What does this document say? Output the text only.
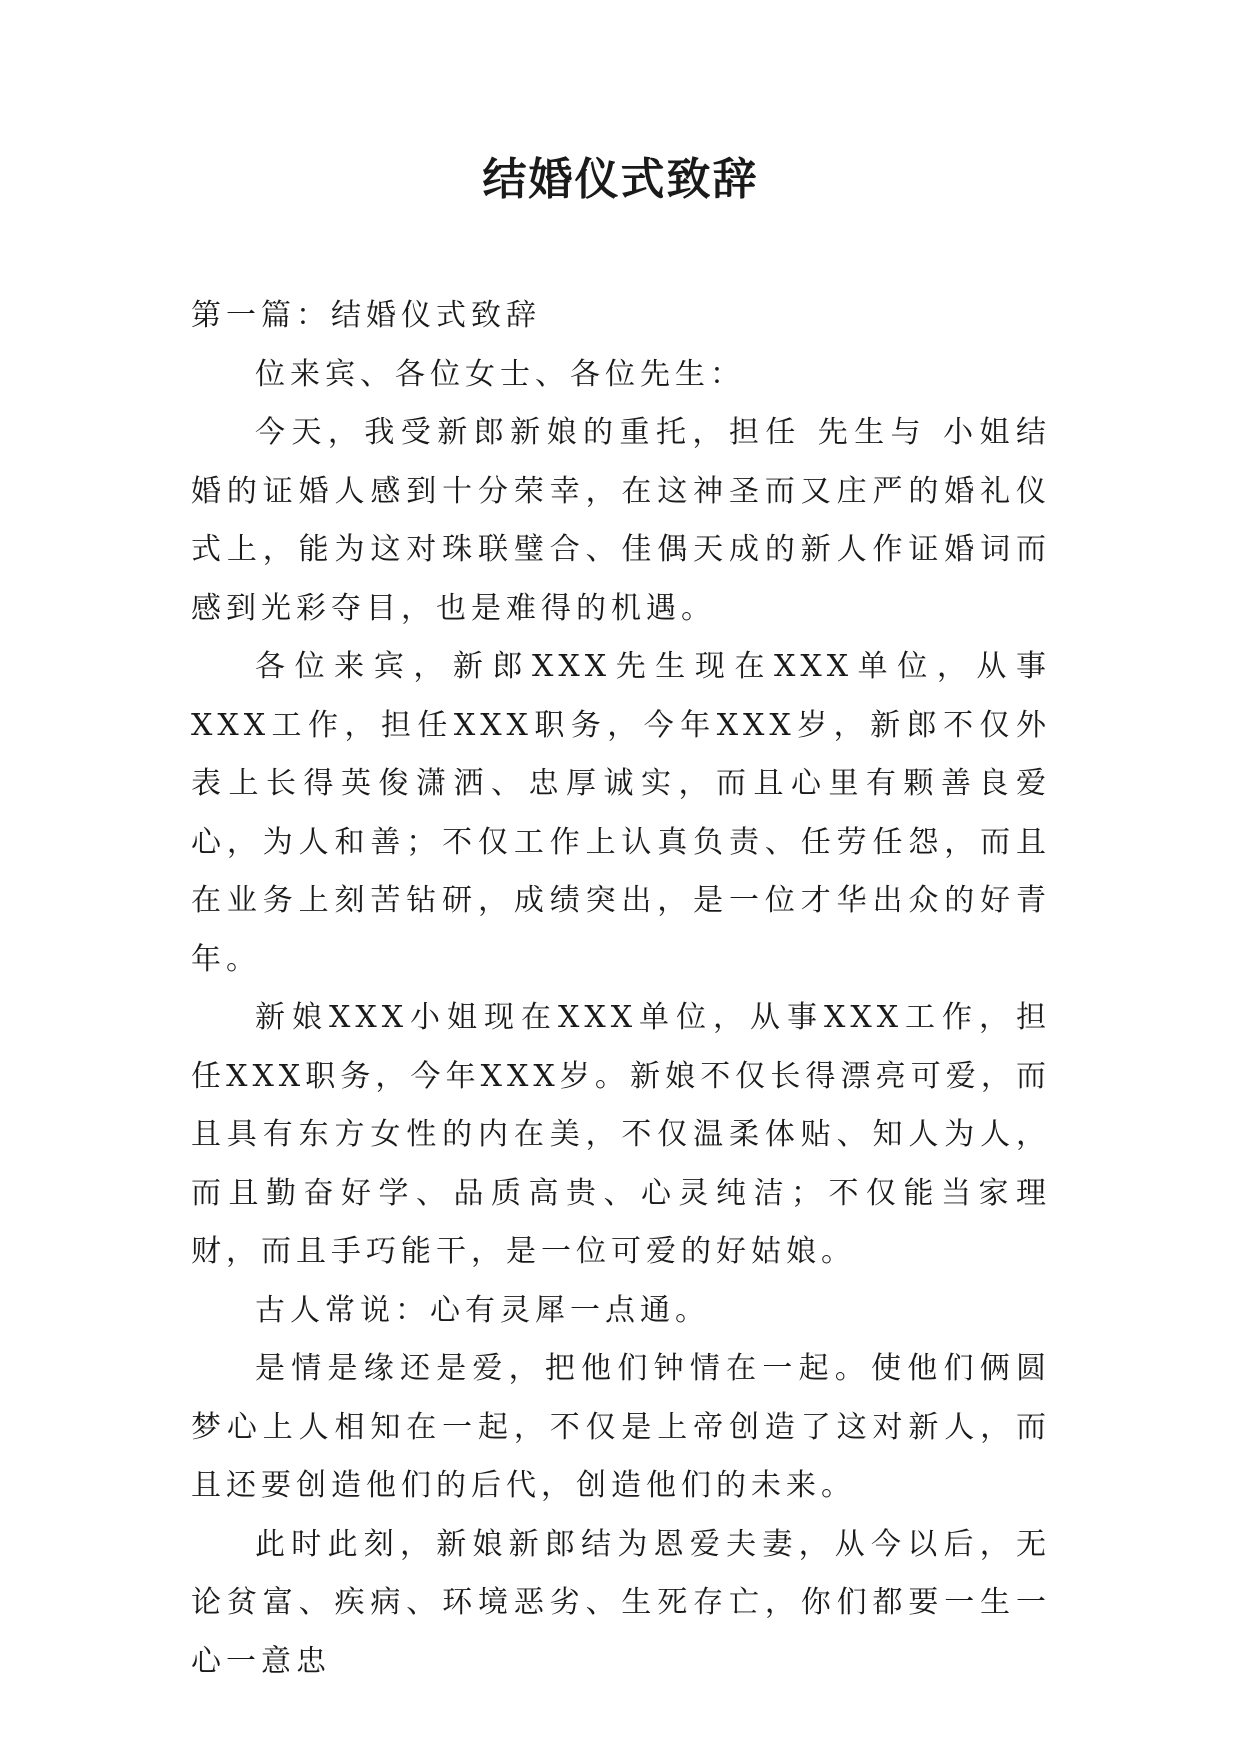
结婚仪式致辞

第一篇：结婚仪式致辞

位来宾、各位女士、各位先生：

今天，我受新郎新娘的重托，担任 先生与 小姐结婚的证婚人感到十分荣幸，在这神圣而又庄严的婚礼仪式上，能为这对珠联璧合、佳偶天成的新人作证婚词而感到光彩夺目，也是难得的机遇。

各位来宾，新郎XXX先生现在XXX单位，从事XXX工作，担任XXX职务，今年XXX岁，新郎不仅外表上长得英俊潇洒、忠厚诚实，而且心里有颗善良爱心，为人和善；不仅工作上认真负责、任劳任怨，而且在业务上刻苦钻研，成绩突出，是一位才华出众的好青年。

新娘XXX小姐现在XXX单位，从事XXX工作，担任XXX职务，今年XXX岁。新娘不仅长得漂亮可爱，而且具有东方女性的内在美，不仅温柔体贴、知人为人，而且勤奋好学、品质高贵、心灵纯洁；不仅能当家理财，而且手巧能干，是一位可爱的好姑娘。

古人常说：心有灵犀一点通。

是情是缘还是爱，把他们钟情在一起。使他们俩圆梦心上人相知在一起，不仅是上帝创造了这对新人，而且还要创造他们的后代，创造他们的未来。

此时此刻，新娘新郎结为恩爱夫妻，从今以后，无论贫富、疾病、环境恶劣、生死存亡，你们都要一生一心一意忠
